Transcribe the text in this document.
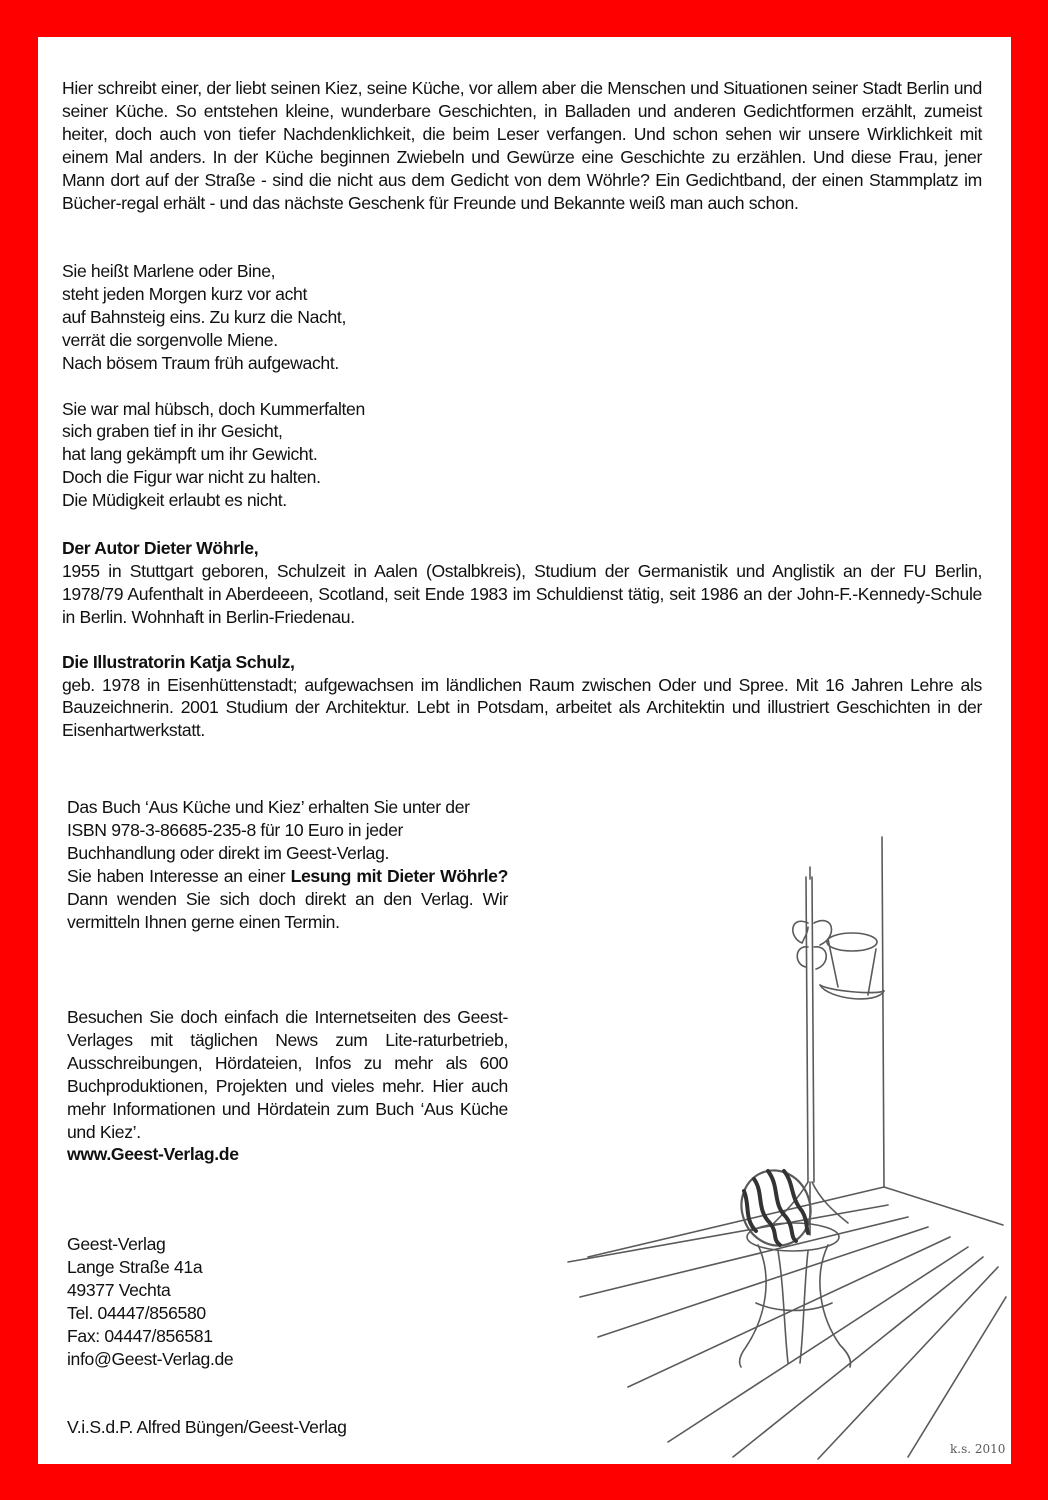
Hier schreibt einer, der liebt seinen Kiez, seine Küche, vor allem aber die Menschen und Situationen seiner Stadt Berlin und seiner Küche. So entstehen kleine, wunderbare Geschichten, in Balladen und anderen Gedichtformen erzählt, zumeist heiter, doch auch von tiefer Nachdenklichkeit, die beim Leser verfangen. Und schon sehen wir unsere Wirklichkeit mit einem Mal anders. In der Küche beginnen Zwiebeln und Gewürze eine Geschichte zu erzählen. Und diese Frau, jener Mann dort auf der Straße - sind die nicht aus dem Gedicht von dem Wöhrle? Ein Gedichtband, der einen Stammplatz im Bücher-regal erhält - und das nächste Geschenk für Freunde und Bekannte weiß man auch schon.

Sie heißt Marlene oder Bine,
steht jeden Morgen kurz vor acht
auf Bahnsteig eins. Zu kurz die Nacht,
verrät die sorgenvolle Miene.
Nach bösem Traum früh aufgewacht.
Sie war mal hübsch, doch Kummerfalten
sich graben tief in ihr Gesicht,
hat lang gekämpft um ihr Gewicht.
Doch die Figur war nicht zu halten.
Die Müdigkeit erlaubt es nicht.
Der Autor Dieter Wöhrle,

1955 in Stuttgart geboren, Schulzeit in Aalen (Ostalbkreis), Studium der Germanistik und Anglistik an der FU Berlin, 1978/79 Aufenthalt in Aberdeeen, Scotland, seit Ende 1983 im Schuldienst tätig, seit 1986 an der John-F.-Kennedy-Schule in Berlin. Wohnhaft in Berlin-Friedenau.

Die Illustratorin Katja Schulz,

geb. 1978 in Eisenhüttenstadt; aufgewachsen im ländlichen Raum zwischen Oder und Spree. Mit 16 Jahren Lehre als Bauzeichnerin. 2001 Studium der Architektur. Lebt in Potsdam, arbeitet als Architektin und illustriert Geschichten in der Eisenhartwerkstatt.

Das Buch ‘Aus Küche und Kiez’ erhalten Sie unter der ISBN 978-3-86685-235-8 für 10 Euro in jeder Buchhandlung oder direkt im Geest-Verlag.

Sie haben Interesse an einer Lesung mit Dieter Wöhrle? Dann wenden Sie sich doch direkt an den Verlag. Wir vermitteln Ihnen gerne einen Termin.

Besuchen Sie doch einfach die Internetseiten des Geest-Verlages mit täglichen News zum Lite-raturbetrieb, Ausschreibungen, Hördateien, Infos zu mehr als 600 Buchproduktionen, Projekten und vieles mehr. Hier auch mehr Informationen und Hördatein zum Buch ‘Aus Küche und Kiez’.

www.Geest-Verlag.de
Geest-Verlag
Lange Straße 41a
49377 Vechta
Tel. 04447/856580
Fax: 04447/856581
info@Geest-Verlag.de
V.i.S.d.P. Alfred Büngen/Geest-Verlag
k.s. 2010
